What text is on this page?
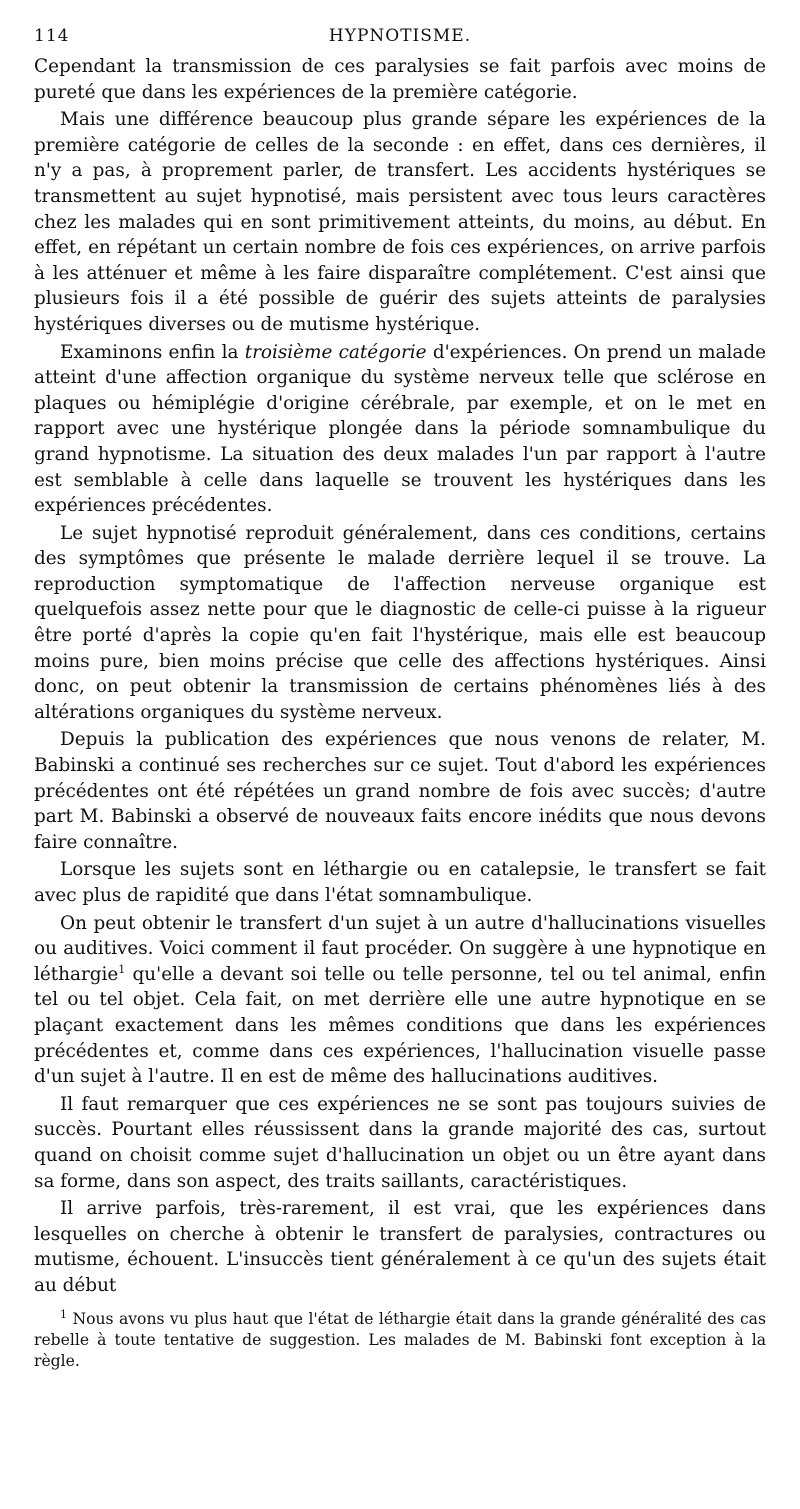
114	HYPNOTISME.

Cependant la transmission de ces paralysies se fait parfois avec moins de pureté que dans les expériences de la première catégorie.

Mais une différence beaucoup plus grande sépare les expériences de la première catégorie de celles de la seconde : en effet, dans ces dernières, il n'y a pas, à proprement parler, de transfert. Les accidents hystériques se transmettent au sujet hypnotisé, mais persistent avec tous leurs caractères chez les malades qui en sont primitivement atteints, du moins, au début. En effet, en répétant un certain nombre de fois ces expériences, on arrive parfois à les atténuer et même à les faire disparaître complétement. C'est ainsi que plusieurs fois il a été possible de guérir des sujets atteints de paralysies hystériques diverses ou de mutisme hystérique.

Examinons enfin la troisième catégorie d'expériences. On prend un malade atteint d'une affection organique du système nerveux telle que sclérose en plaques ou hémiplégie d'origine cérébrale, par exemple, et on le met en rapport avec une hystérique plongée dans la période somnambulique du grand hypnotisme. La situation des deux malades l'un par rapport à l'autre est semblable à celle dans laquelle se trouvent les hystériques dans les expériences précédentes.

Le sujet hypnotisé reproduit généralement, dans ces conditions, certains des symptômes que présente le malade derrière lequel il se trouve. La reproduction symptomatique de l'affection nerveuse organique est quelquefois assez nette pour que le diagnostic de celle-ci puisse à la rigueur être porté d'après la copie qu'en fait l'hystérique, mais elle est beaucoup moins pure, bien moins précise que celle des affections hystériques. Ainsi donc, on peut obtenir la transmission de certains phénomènes liés à des altérations organiques du système nerveux.

Depuis la publication des expériences que nous venons de relater, M. Babinski a continué ses recherches sur ce sujet. Tout d'abord les expériences précédentes ont été répétées un grand nombre de fois avec succès; d'autre part M. Babinski a observé de nouveaux faits encore inédits que nous devons faire connaître.

Lorsque les sujets sont en léthargie ou en catalepsie, le transfert se fait avec plus de rapidité que dans l'état somnambulique.

On peut obtenir le transfert d'un sujet à un autre d'hallucinations visuelles ou auditives. Voici comment il faut procéder. On suggère à une hypnotique en léthargie$^1$ qu'elle a devant soi telle ou telle personne, tel ou tel animal, enfin tel ou tel objet. Cela fait, on met derrière elle une autre hypnotique en se plaçant exactement dans les mêmes conditions que dans les expériences précédentes et, comme dans ces expériences, l'hallucination visuelle passe d'un sujet à l'autre. Il en est de même des hallucinations auditives.

Il faut remarquer que ces expériences ne se sont pas toujours suivies de succès. Pourtant elles réussissent dans la grande majorité des cas, surtout quand on choisit comme sujet d'hallucination un objet ou un être ayant dans sa forme, dans son aspect, des traits saillants, caractéristiques.

Il arrive parfois, très-rarement, il est vrai, que les expériences dans lesquelles on cherche à obtenir le transfert de paralysies, contractures ou mutisme, échouent. L'insuccès tient généralement à ce qu'un des sujets était au début

$^1$ Nous avons vu plus haut que l'état de léthargie était dans la grande généralité des cas rebelle à toute tentative de suggestion. Les malades de M. Babinski font exception à la règle.
